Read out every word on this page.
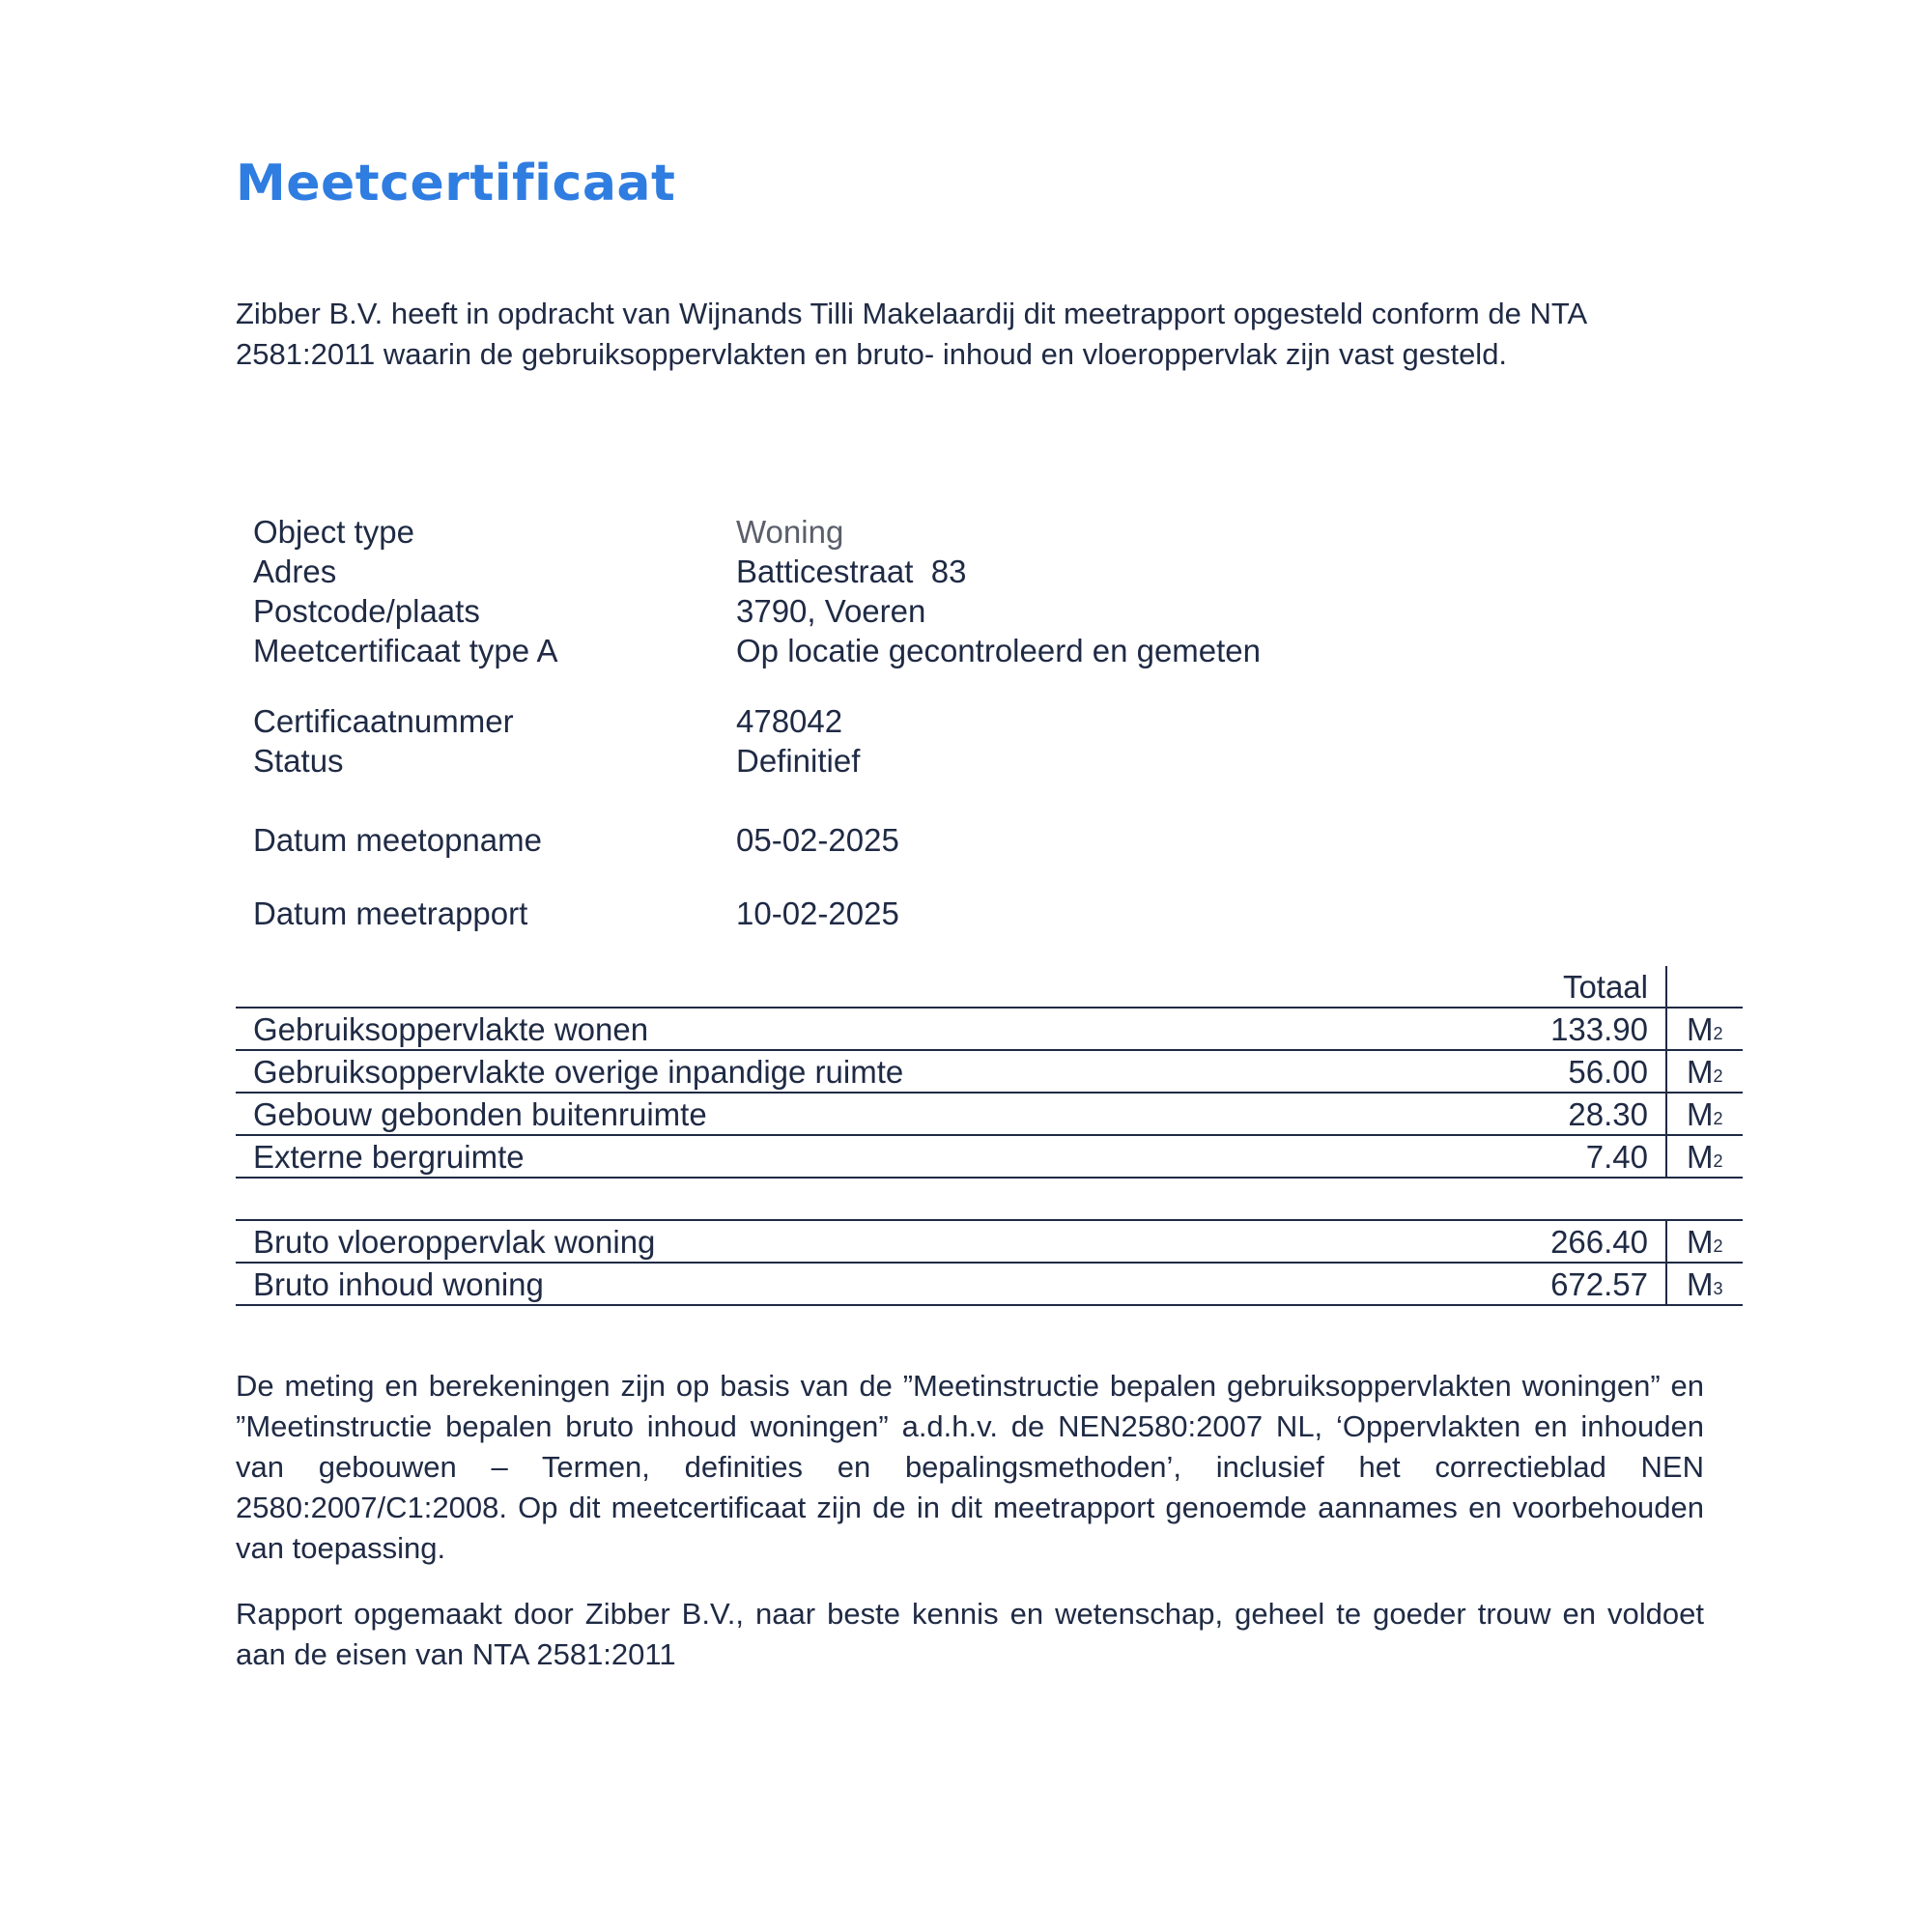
Meetcertificaat

Zibber B.V. heeft in opdracht van Wijnands Tilli Makelaardij dit meetrapport opgesteld conform de NTA 2581:2011 waarin de gebruiksoppervlakten en bruto- inhoud en vloeroppervlak zijn vast gesteld.

Object type	Woning
Adres	Batticestraat  83
Postcode/plaats	3790, Voeren
Meetcertificaat type A	Op locatie gecontroleerd en gemeten
Certificaatnummer	478042
Status	Definitief
Datum meetopname	05-02-2025
Datum meetrapport	10-02-2025
Totaal
Gebruiksoppervlakte wonen	133.90	$M^2$
Gebruiksoppervlakte overige inpandige ruimte	56.00	$M^2$
Gebouw gebonden buitenruimte	28.30	$M^2$
Externe bergruimte	7.40	$M^2$
Bruto vloeroppervlak woning	266.40	$M^2$
Bruto inhoud woning	672.57	$M^3$

De meting en berekeningen zijn op basis van de ”Meetinstructie bepalen gebruiksoppervlakten woningen” en ”Meetinstructie bepalen bruto inhoud woningen” a.d.h.v. de NEN2580:2007 NL, ‘Oppervlakten en inhouden van gebouwen – Termen, definities en bepalingsmethoden’, inclusief het correctieblad NEN 2580:2007/C1:2008. Op dit meetcertificaat zijn de in dit meetrapport genoemde aannames en voorbehouden van toepassing.

Rapport opgemaakt door Zibber B.V., naar beste kennis en wetenschap, geheel te goeder trouw en voldoet aan de eisen van NTA 2581:2011
